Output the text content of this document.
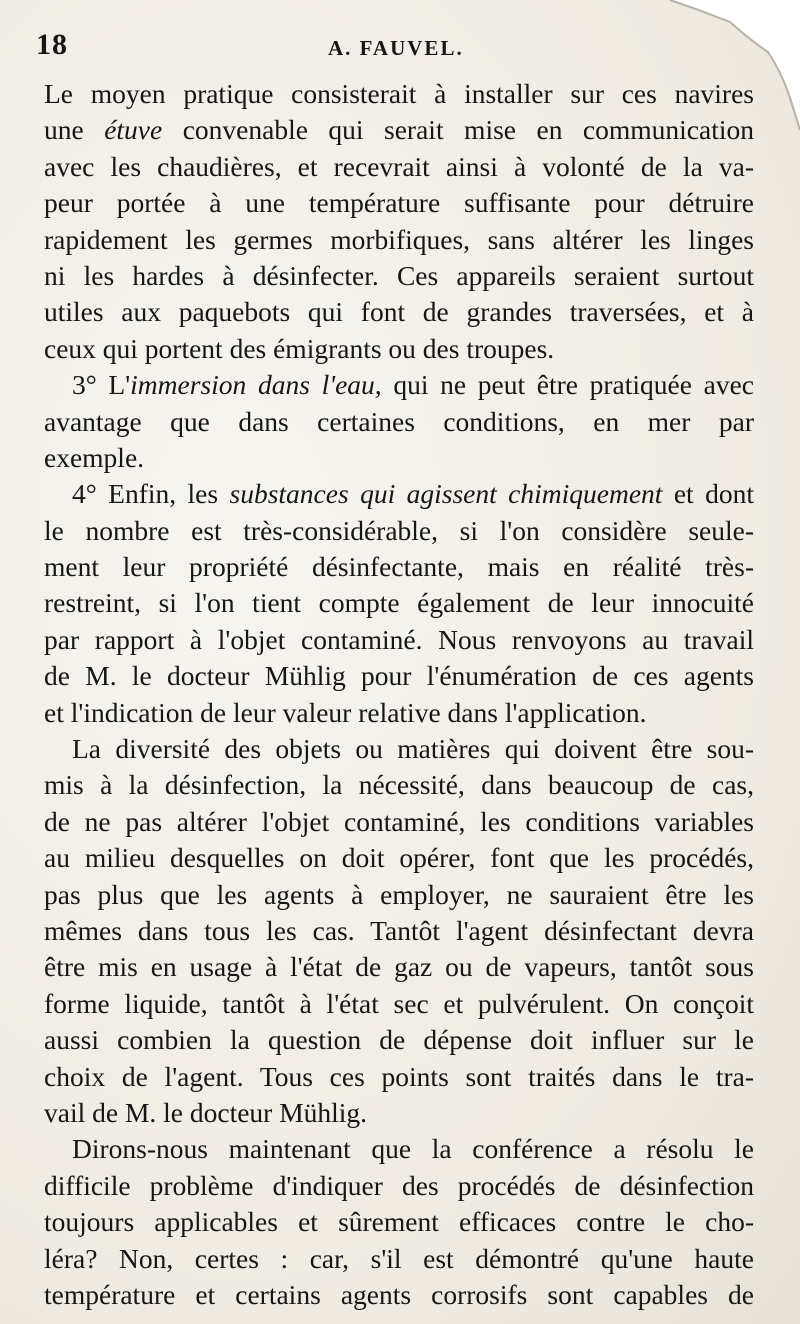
18	A. FAUVEL.
Le moyen pratique consisterait à installer sur ces navires
une étuve convenable qui serait mise en communication
avec les chaudières, et recevrait ainsi à volonté de la va-
peur portée à une température suffisante pour détruire
rapidement les germes morbifiques, sans altérer les linges
ni les hardes à désinfecter. Ces appareils seraient surtout
utiles aux paquebots qui font de grandes traversées, et à
ceux qui portent des émigrants ou des troupes.
3° L'immersion dans l'eau, qui ne peut être pratiquée avec
avantage que dans certaines conditions, en mer par
exemple.
4° Enfin, les substances qui agissent chimiquement et dont
le nombre est très-considérable, si l'on considère seule-
ment leur propriété désinfectante, mais en réalité très-
restreint, si l'on tient compte également de leur innocuité
par rapport à l'objet contaminé. Nous renvoyons au travail
de M. le docteur Mühlig pour l'énumération de ces agents
et l'indication de leur valeur relative dans l'application.
La diversité des objets ou matières qui doivent être sou-
mis à la désinfection, la nécessité, dans beaucoup de cas,
de ne pas altérer l'objet contaminé, les conditions variables
au milieu desquelles on doit opérer, font que les procédés,
pas plus que les agents à employer, ne sauraient être les
mêmes dans tous les cas. Tantôt l'agent désinfectant devra
être mis en usage à l'état de gaz ou de vapeurs, tantôt sous
forme liquide, tantôt à l'état sec et pulvérulent. On conçoit
aussi combien la question de dépense doit influer sur le
choix de l'agent. Tous ces points sont traités dans le tra-
vail de M. le docteur Mühlig.
Dirons-nous maintenant que la conférence a résolu le
difficile problème d'indiquer des procédés de désinfection
toujours applicables et sûrement efficaces contre le cho-
léra? Non, certes : car, s'il est démontré qu'une haute
température et certains agents corrosifs sont capables de
